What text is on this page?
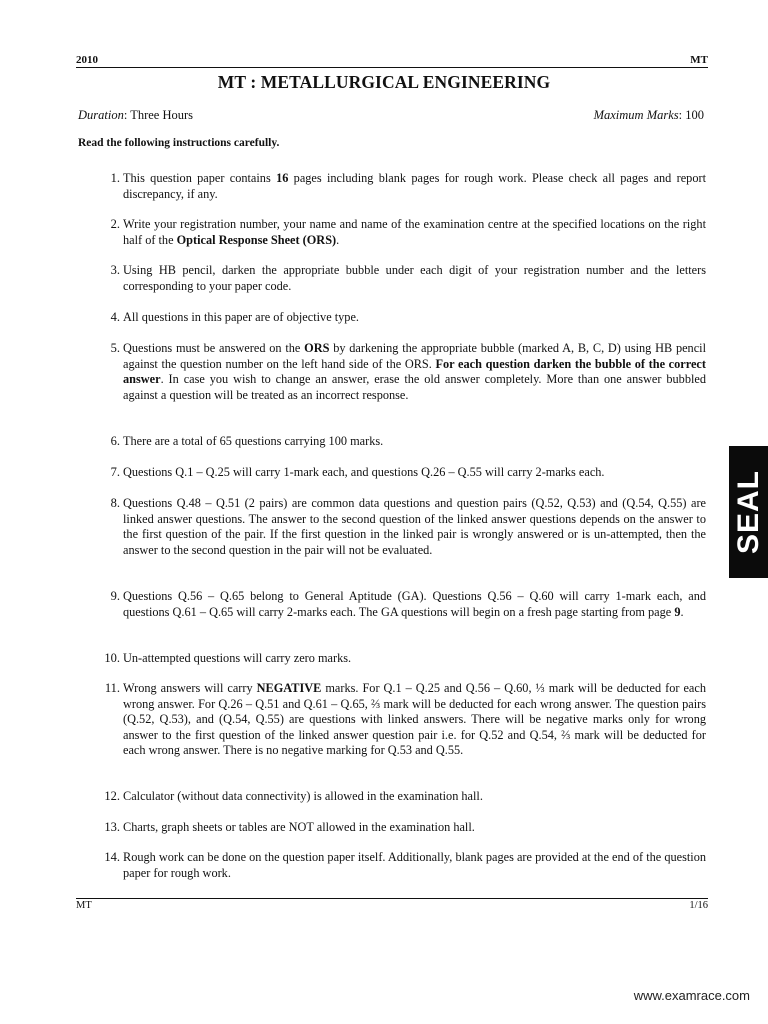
2010	MT
MT : METALLURGICAL ENGINEERING
Duration: Three Hours	Maximum Marks: 100
Read the following instructions carefully.
1. This question paper contains 16 pages including blank pages for rough work. Please check all pages and report discrepancy, if any.
2. Write your registration number, your name and name of the examination centre at the specified locations on the right half of the Optical Response Sheet (ORS).
3. Using HB pencil, darken the appropriate bubble under each digit of your registration number and the letters corresponding to your paper code.
4. All questions in this paper are of objective type.
5. Questions must be answered on the ORS by darkening the appropriate bubble (marked A, B, C, D) using HB pencil against the question number on the left hand side of the ORS. For each question darken the bubble of the correct answer. In case you wish to change an answer, erase the old answer completely. More than one answer bubbled against a question will be treated as an incorrect response.
6. There are a total of 65 questions carrying 100 marks.
7. Questions Q.1 – Q.25 will carry 1-mark each, and questions Q.26 – Q.55 will carry 2-marks each.
8. Questions Q.48 – Q.51 (2 pairs) are common data questions and question pairs (Q.52, Q.53) and (Q.54, Q.55) are linked answer questions. The answer to the second question of the linked answer questions depends on the answer to the first question of the pair. If the first question in the linked pair is wrongly answered or is un-attempted, then the answer to the second question in the pair will not be evaluated.
9. Questions Q.56 – Q.65 belong to General Aptitude (GA). Questions Q.56 – Q.60 will carry 1-mark each, and questions Q.61 – Q.65 will carry 2-marks each. The GA questions will begin on a fresh page starting from page 9.
10. Un-attempted questions will carry zero marks.
11. Wrong answers will carry NEGATIVE marks. For Q.1 – Q.25 and Q.56 – Q.60, ⅓ mark will be deducted for each wrong answer. For Q.26 – Q.51 and Q.61 – Q.65, ⅔ mark will be deducted for each wrong answer. The question pairs (Q.52, Q.53), and (Q.54, Q.55) are questions with linked answers. There will be negative marks only for wrong answer to the first question of the linked answer question pair i.e. for Q.52 and Q.54, ⅔ mark will be deducted for each wrong answer. There is no negative marking for Q.53 and Q.55.
12. Calculator (without data connectivity) is allowed in the examination hall.
13. Charts, graph sheets or tables are NOT allowed in the examination hall.
14. Rough work can be done on the question paper itself. Additionally, blank pages are provided at the end of the question paper for rough work.
SEAL
MT	1/16
www.examrace.com
